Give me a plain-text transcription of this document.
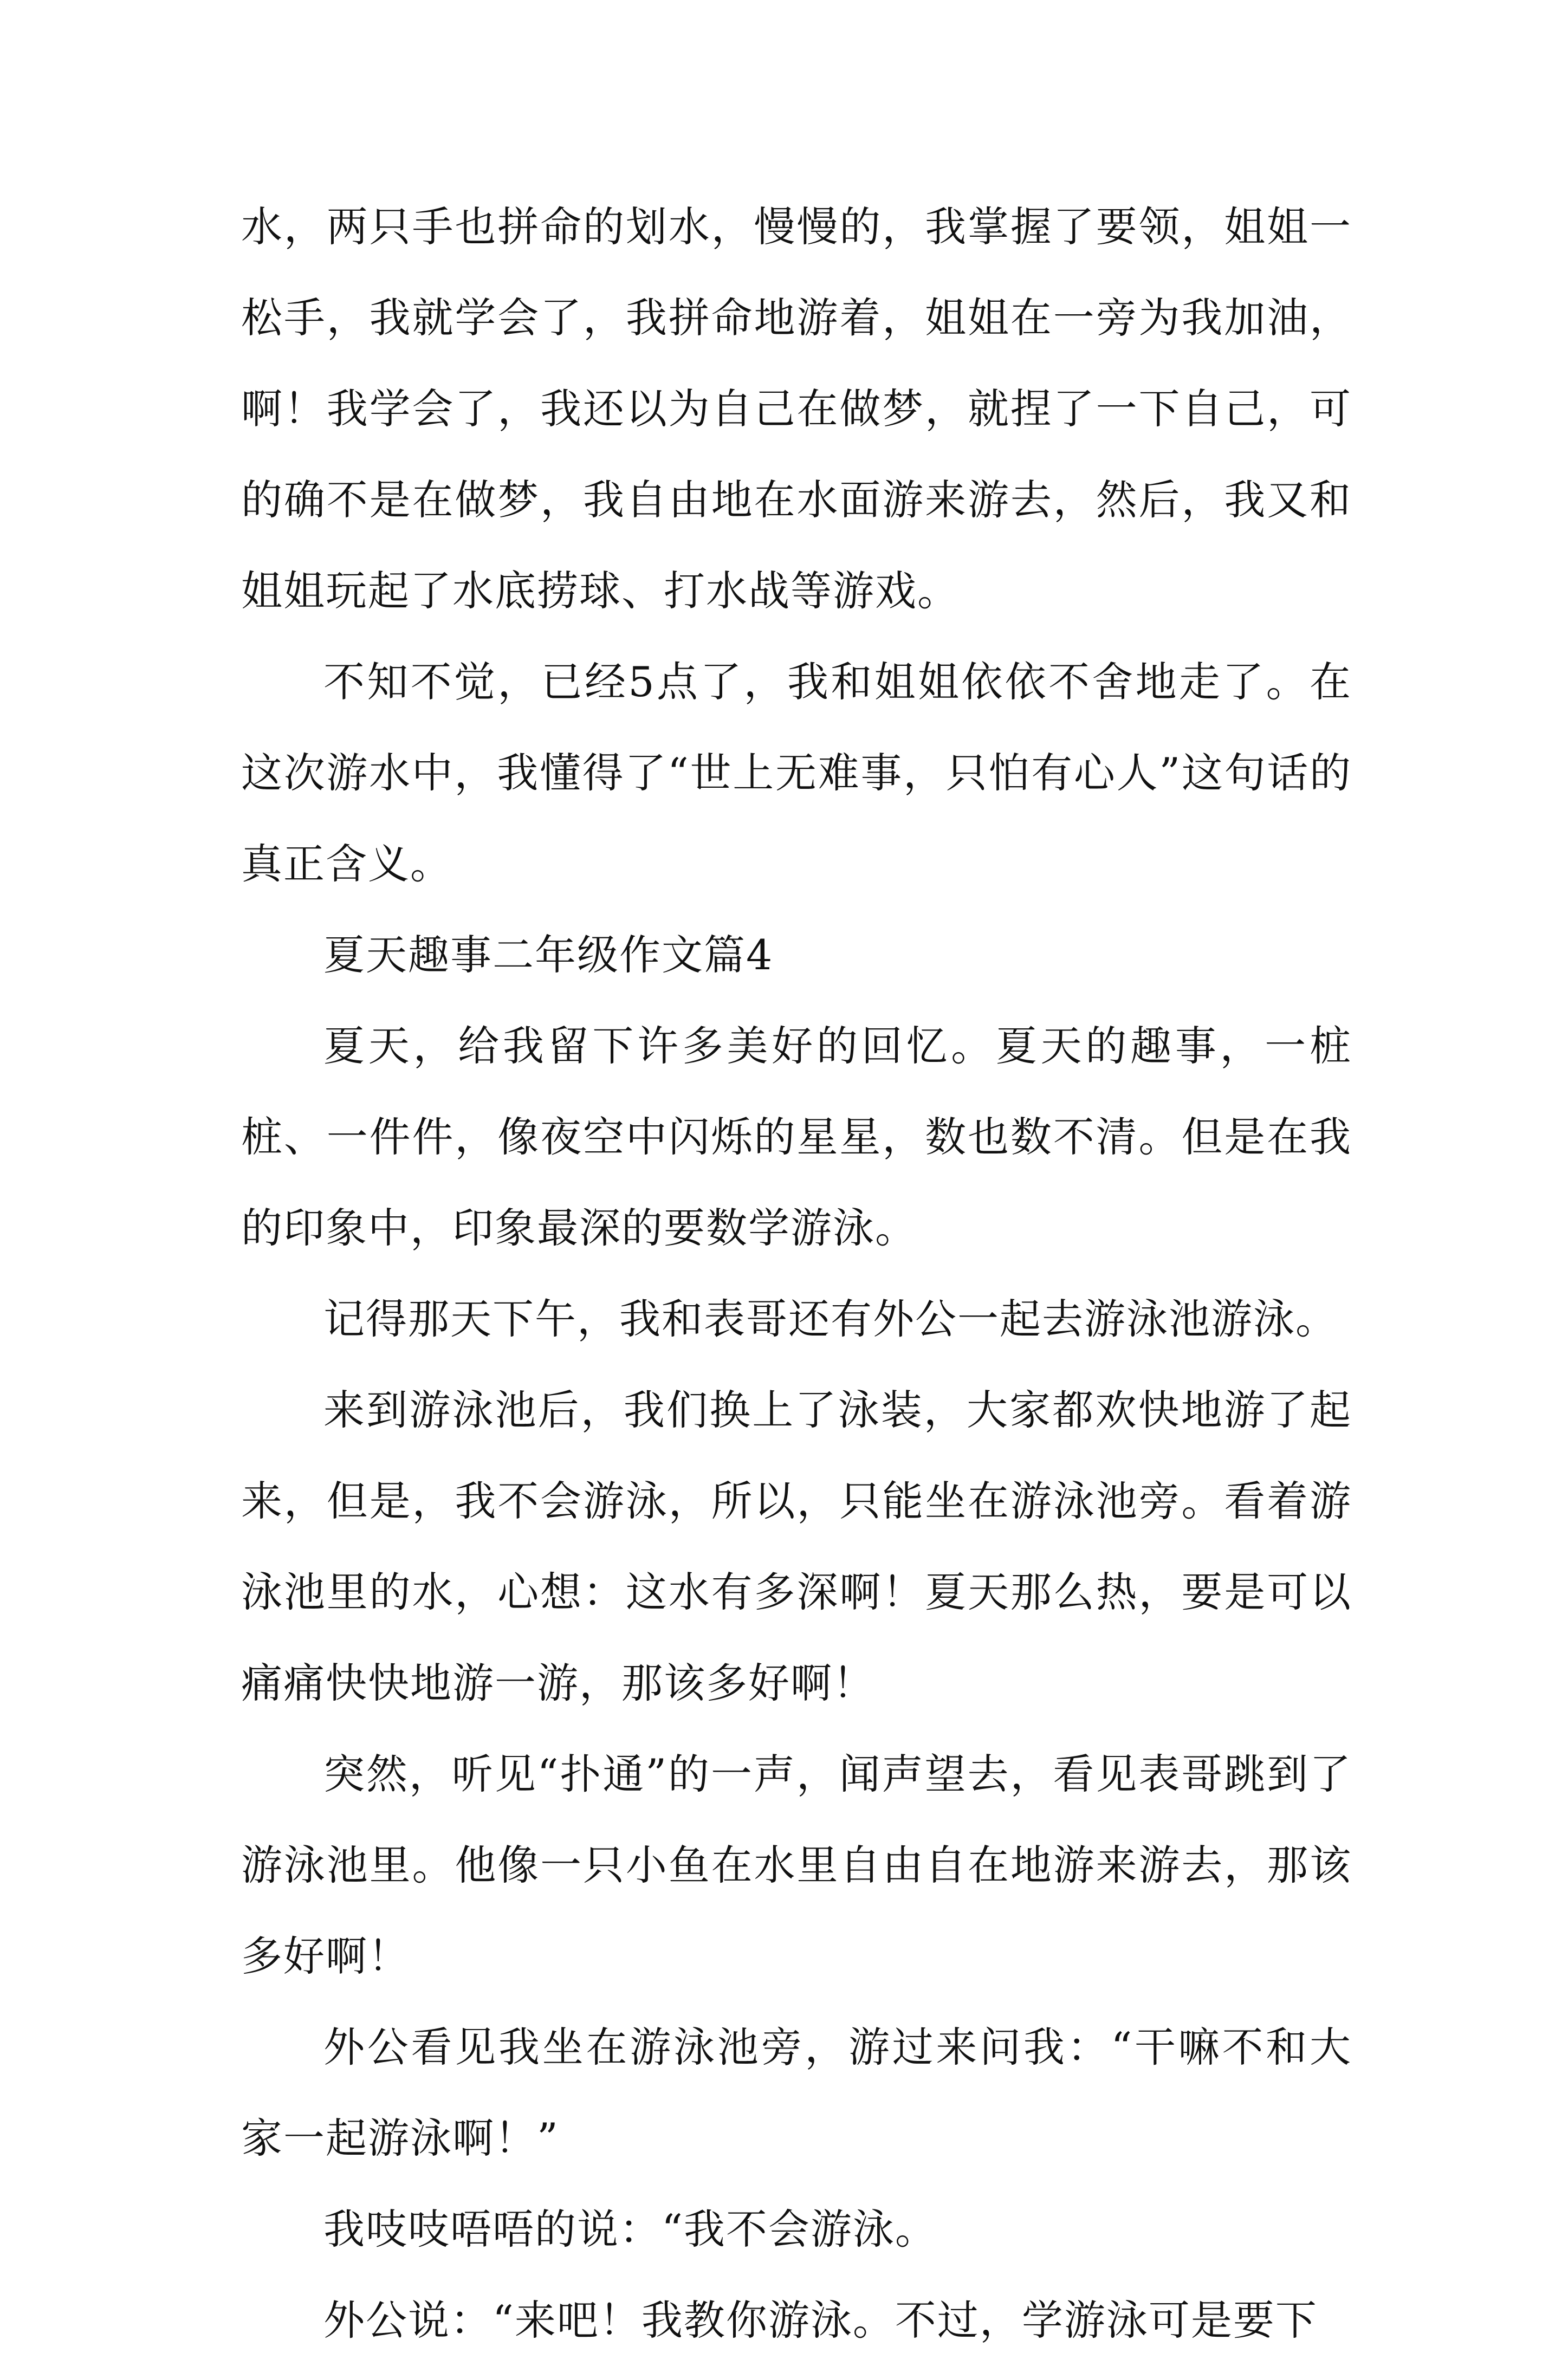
水，两只手也拼命的划水，慢慢的，我掌握了要领，姐姐一松手，我就学会了，我拼命地游着，姐姐在一旁为我加油，啊！我学会了，我还以为自己在做梦，就捏了一下自己，可的确不是在做梦，我自由地在水面游来游去，然后，我又和姐姐玩起了水底捞球、打水战等游戏。

不知不觉，已经5点了，我和姐姐依依不舍地走了。在这次游水中，我懂得了“世上无难事，只怕有心人”这句话的真正含义。

夏天趣事二年级作文篇4

夏天，给我留下许多美好的回忆。夏天的趣事，一桩桩、一件件，像夜空中闪烁的星星，数也数不清。但是在我的印象中，印象最深的要数学游泳。

记得那天下午，我和表哥还有外公一起去游泳池游泳。

来到游泳池后，我们换上了泳装，大家都欢快地游了起来，但是，我不会游泳，所以，只能坐在游泳池旁。看着游泳池里的水，心想：这水有多深啊！夏天那么热，要是可以痛痛快快地游一游，那该多好啊！

突然，听见“扑通”的一声，闻声望去，看见表哥跳到了游泳池里。他像一只小鱼在水里自由自在地游来游去，那该多好啊！

外公看见我坐在游泳池旁，游过来问我：“干嘛不和大家一起游泳啊！”

我吱吱唔唔的说：“我不会游泳。

外公说：“来吧！我教你游泳。不过，学游泳可是要下
